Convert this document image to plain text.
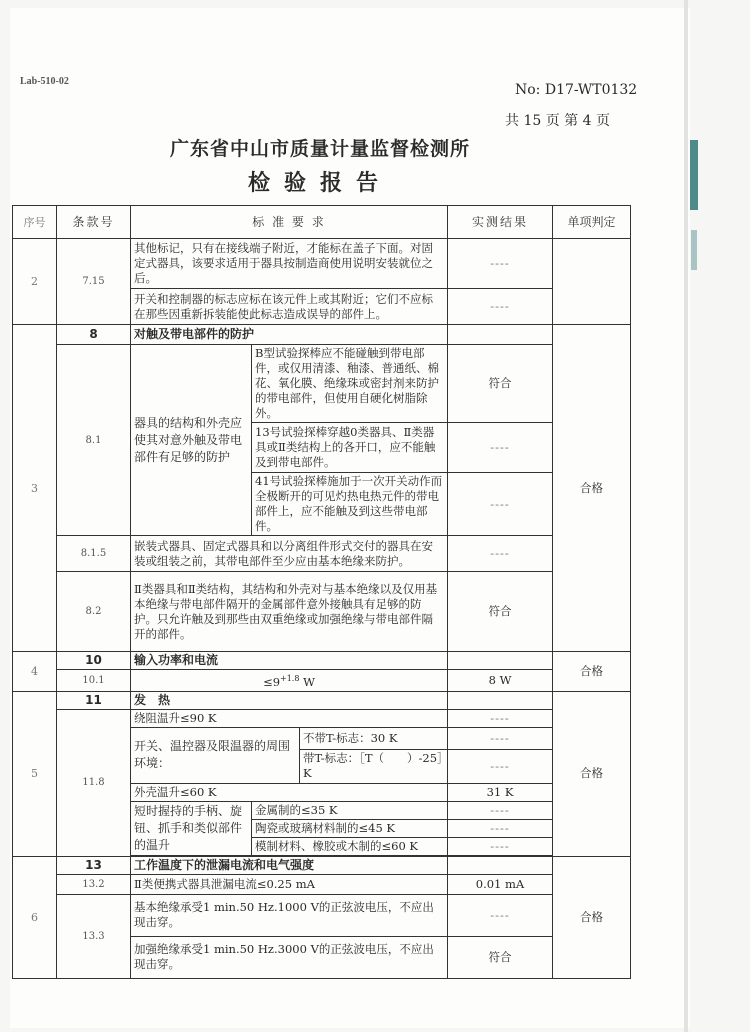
Lab-510-02
No: D17-WT0132
共 15 页 第 4 页
广东省中山市质量计量监督检测所
检验报告
序号	条款号	标 准 要 求			实测结果	单项判定
2	7.15	其他标记，只有在接线端子附近，才能标在盖子下面。对固定式器具，该要求适用于器具按制造商使用说明安装就位之后。			----	
		开关和控制器的标志应标在该元件上或其附近；它们不应标在那些因重新拆装能使此标志造成误导的部件上。			----	
3	8	对触及带电部件的防护				合格
	8.1	器具的结构和外壳应使其对意外触及带电部件有足够的防护	B型试验探棒应不能碰触到带电部件，或仅用清漆、釉漆、普通纸、棉花、氧化膜、绝缘珠或密封剂来防护的带电部件，但使用自硬化树脂除外。		符合	
			13号试验探棒穿越0类器具、Ⅱ类器具或Ⅱ类结构上的各开口，应不能触及到带电部件。		----	
			41号试验探棒施加于一次开关动作而全极断开的可见灼热电热元件的带电部件上，应不能触及到这些带电部件。		----	
	8.1.5	嵌装式器具、固定式器具和以分离组件形式交付的器具在安装或组装之前，其带电部件至少应由基本绝缘来防护。			----	
	8.2	Ⅱ类器具和Ⅱ类结构，其结构和外壳对与基本绝缘以及仅用基本绝缘与带电部件隔开的金属部件意外接触具有足够的防护。只允许触及到那些由双重绝缘或加强绝缘与带电部件隔开的部件。			符合	
4	10	输入功率和电流				合格
	10.1	$\le 9^{+1.8}$ W			8 W	
5	11	发　热				合格
	11.8	绕阻温升≤90 K			----	
		开关、温控器及限温器的周围环境：		不带T-标志：30 K	----	
				带T-标志：［T（　　）-25］K	----	
		外壳温升≤60 K			31 K	
		短时握持的手柄、旋钮、抓手和类似部件的温升	金属制的≤35 K		----	
			陶瓷或玻璃材料制的≤45 K		----	
			模制材料、橡胶或木制的≤60 K		----	

6	13	工作温度下的泄漏电流和电气强度				合格
	13.2	Ⅱ类便携式器具泄漏电流≤0.25 mA			0.01 mA	
	13.3	基本绝缘承受1 min.50 Hz.1000 V的正弦波电压，不应出现击穿。			----	
		加强绝缘承受1 min.50 Hz.3000 V的正弦波电压，不应出现击穿。			符合	
